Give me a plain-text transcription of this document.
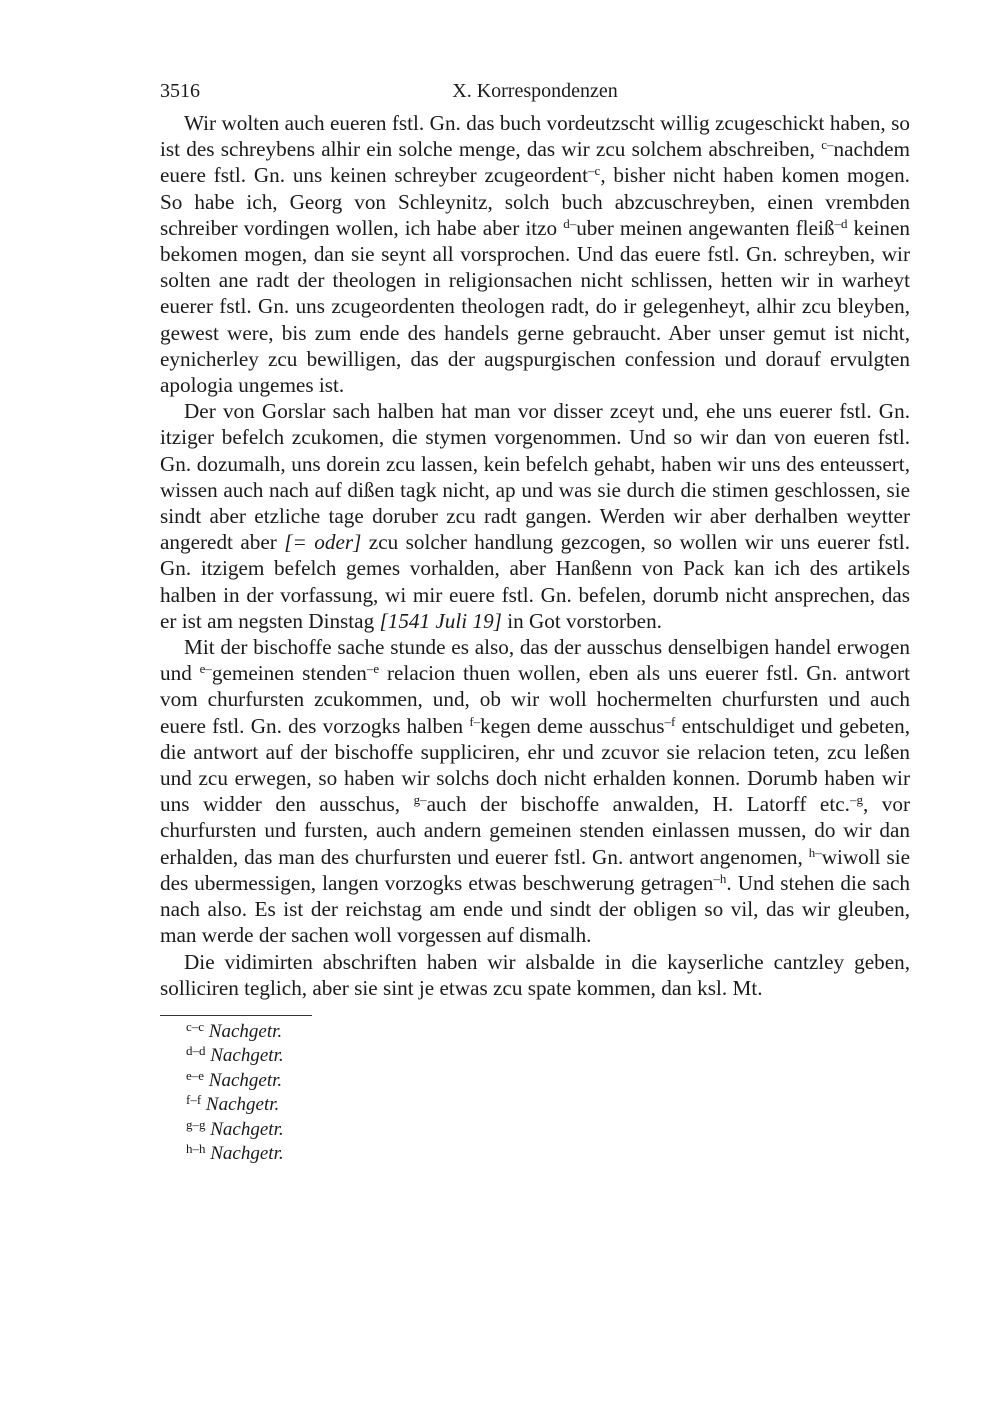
3516	X. Korrespondenzen

Wir wolten auch eueren fstl. Gn. das buch vordeutzscht willig zcugeschickt haben, so ist des schreybens alhir ein solche menge, das wir zcu solchem abschreiben, $^{c-}$nachdem euere fstl. Gn. uns keinen schreyber zcugeordent$^{-c}$, bisher nicht haben komen mogen. So habe ich, Georg von Schleynitz, solch buch abzcuschreyben, einen vrembden schreiber vordingen wollen, ich habe aber itzo $^{d-}$uber meinen angewanten fleiß$^{-d}$ keinen bekomen mogen, dan sie seynt all vorsprochen. Und das euere fstl. Gn. schreyben, wir solten ane radt der theologen in religionsachen nicht schlissen, hetten wir in warheyt euerer fstl. Gn. uns zcugeordenten theologen radt, do ir gelegenheyt, alhir zcu bleyben, gewest were, bis zum ende des handels gerne gebraucht. Aber unser gemut ist nicht, eynicherley zcu bewilligen, das der augspurgischen confession und dorauf ervulgten apologia ungemes ist.

Der von Gorslar sach halben hat man vor disser zceyt und, ehe uns euerer fstl. Gn. itziger befelch zcukomen, die stymen vorgenommen. Und so wir dan von eueren fstl. Gn. dozumalh, uns dorein zcu lassen, kein befelch gehabt, haben wir uns des enteussert, wissen auch nach auf dißen tagk nicht, ap und was sie durch die stimen geschlossen, sie sindt aber etzliche tage doruber zcu radt gangen. Werden wir aber derhalben weytter angeredt aber [= oder] zcu solcher handlung gezcogen, so wollen wir uns euerer fstl. Gn. itzigem befelch gemes vorhalden, aber Hanßenn von Pack kan ich des artikels halben in der vorfassung, wi mir euere fstl. Gn. befelen, dorumb nicht ansprechen, das er ist am negsten Dinstag [1541 Juli 19] in Got vorstorben.

Mit der bischoffe sache stunde es also, das der ausschus denselbigen handel erwogen und $^{e-}$gemeinen stenden$^{-e}$ relacion thuen wollen, eben als uns euerer fstl. Gn. antwort vom churfursten zcukommen, und, ob wir woll hochermelten churfursten und auch euere fstl. Gn. des vorzogks halben $^{f-}$kegen deme ausschus$^{-f}$ entschuldiget und gebeten, die antwort auf der bischoffe suppliciren, ehr und zcuvor sie relacion teten, zcu leßen und zcu erwegen, so haben wir solchs doch nicht erhalden konnen. Dorumb haben wir uns widder den ausschus, $^{g-}$auch der bischoffe anwalden, H. Latorff etc.$^{-g}$, vor churfursten und fursten, auch andern gemeinen stenden einlassen mussen, do wir dan erhalden, das man des churfursten und euerer fstl. Gn. antwort angenomen, $^{h-}$wiwoll sie des ubermessigen, langen vorzogks etwas beschwerung getragen$^{-h}$. Und stehen die sach nach also. Es ist der reichstag am ende und sindt der obligen so vil, das wir gleuben, man werde der sachen woll vorgessen auf dismalh.

Die vidimirten abschriften haben wir alsbalde in die kayserliche cantzley geben, solliciren teglich, aber sie sint je etwas zcu spate kommen, dan ksl. Mt.

$^{c-c}$ Nachgetr.
$^{d-d}$ Nachgetr.
$^{e-e}$ Nachgetr.
$^{f-f}$ Nachgetr.
$^{g-g}$ Nachgetr.
$^{h-h}$ Nachgetr.
